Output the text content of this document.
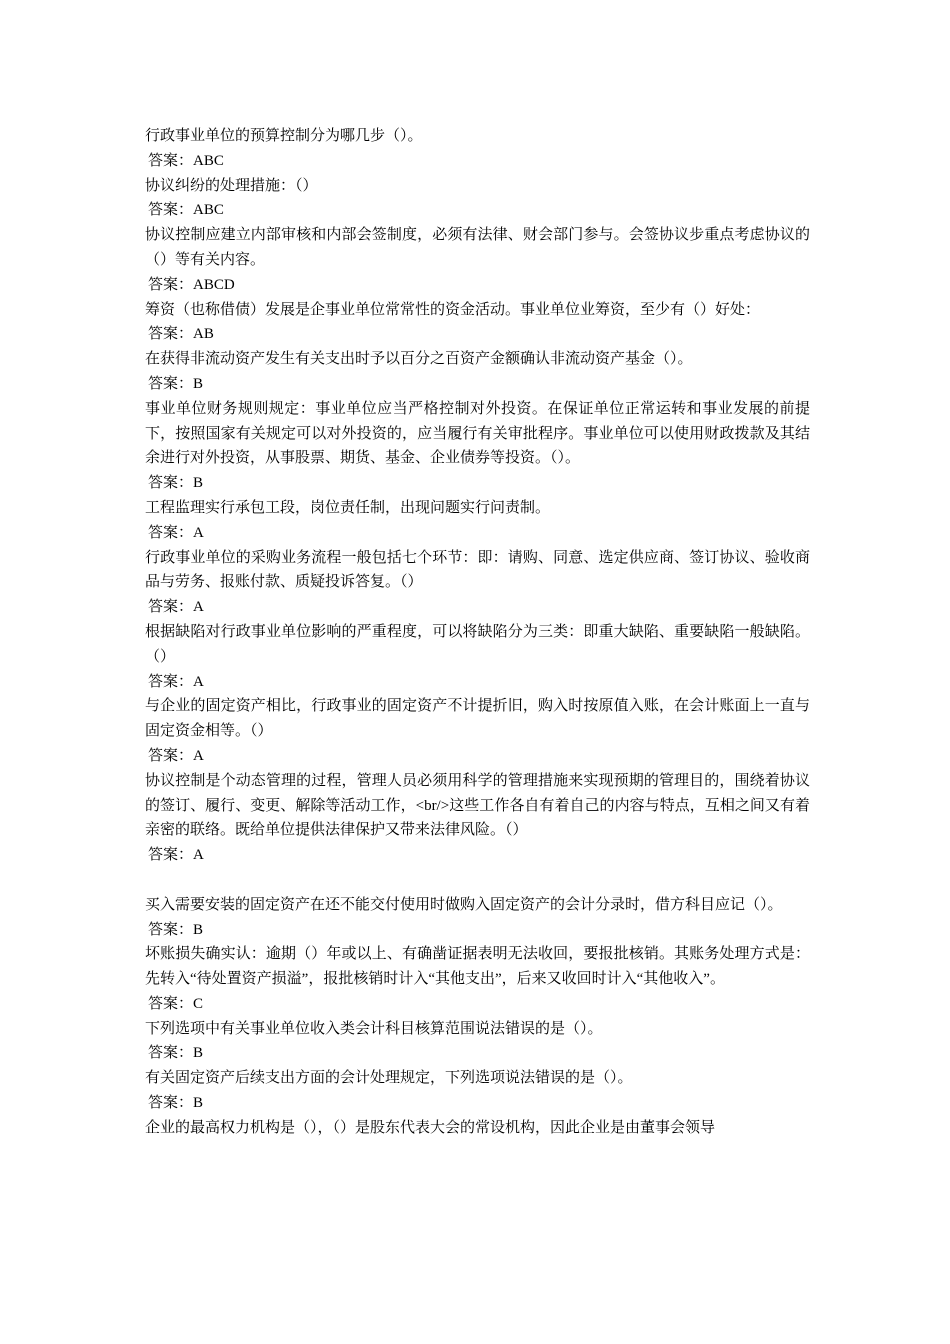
行政事业单位的预算控制分为哪几步（）。

答案：ABC

协议纠纷的处理措施：（）

答案：ABC

协议控制应建立内部审核和内部会签制度，必须有法律、财会部门参与。会签协议步重点考虑协议的（）等有关内容。

答案：ABCD

筹资（也称借债）发展是企事业单位常常性的资金活动。事业单位业筹资，至少有（）好处：

答案：AB

在获得非流动资产发生有关支出时予以百分之百资产金额确认非流动资产基金（）。

答案：B

事业单位财务规则规定：事业单位应当严格控制对外投资。在保证单位正常运转和事业发展的前提下，按照国家有关规定可以对外投资的，应当履行有关审批程序。事业单位可以使用财政拨款及其结余进行对外投资，从事股票、期货、基金、企业债券等投资。（）。

答案：B

工程监理实行承包工段，岗位责任制，出现问题实行问责制。

答案：A

行政事业单位的采购业务流程一般包括七个环节：即：请购、同意、选定供应商、签订协议、验收商品与劳务、报账付款、质疑投诉答复。（）

答案：A

根据缺陷对行政事业单位影响的严重程度，可以将缺陷分为三类：即重大缺陷、重要缺陷一般缺陷。（）

答案：A

与企业的固定资产相比，行政事业的固定资产不计提折旧，购入时按原值入账，在会计账面上一直与固定资金相等。（）

答案：A

协议控制是个动态管理的过程，管理人员必须用科学的管理措施来实现预期的管理目的，围绕着协议的签订、履行、变更、解除等活动工作，<br/>这些工作各自有着自己的内容与特点，互相之间又有着亲密的联络。既给单位提供法律保护又带来法律风险。（）

答案：A

买入需要安装的固定资产在还不能交付使用时做购入固定资产的会计分录时，借方科目应记（）。

答案：B

坏账损失确实认：逾期（）年或以上、有确凿证据表明无法收回，要报批核销。其账务处理方式是：先转入“待处置资产损溢”，报批核销时计入“其他支出”，后来又收回时计入“其他收入”。

答案：C

下列选项中有关事业单位收入类会计科目核算范围说法错误的是（）。

答案：B

有关固定资产后续支出方面的会计处理规定，下列选项说法错误的是（）。

答案：B

企业的最高权力机构是（），（）是股东代表大会的常设机构，因此企业是由董事会领导
